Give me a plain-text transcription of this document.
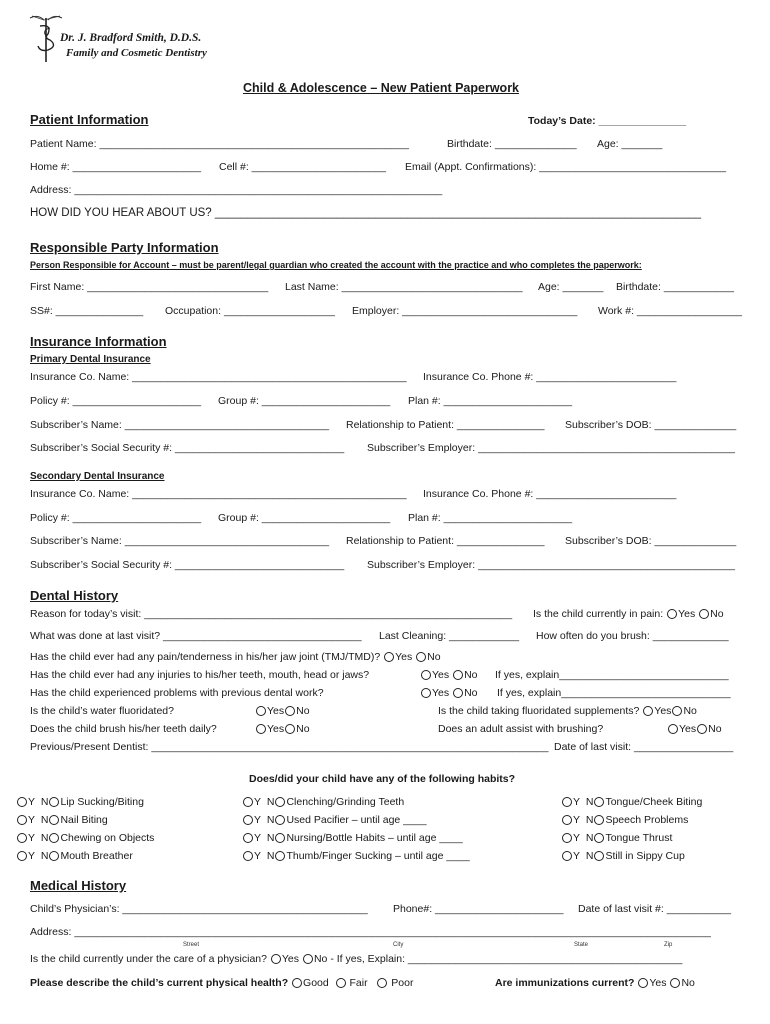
Dr. J. Bradford Smith, D.D.S.
Family and Cosmetic Dentistry
Child & Adolescence – New Patient Paperwork
Patient Information	Today’s Date: _______________
Patient Name: _____________________________________________________	Birthdate: ______________ Age: _______
Home #: ______________________ Cell #: _______________________ Email (Appt. Confirmations): ________________________________
Address: _______________________________________________________________
HOW DID YOU HEAR ABOUT US? ____________________________________________________________________________
Responsible Party Information
Person Responsible for Account – must be parent/legal guardian who created the account with the practice and who completes the paperwork:
First Name: _______________________________ Last Name: _______________________________ Age: _______ Birthdate: ____________
SS#: _______________ Occupation: ___________________ Employer: ______________________________ Work #: __________________
Insurance Information
Primary Dental Insurance
Insurance Co. Name: _______________________________________________ Insurance Co. Phone #: ________________________
Policy #: ______________________ Group #: ______________________ Plan #: ______________________
Subscriber’s Name: ___________________________________ Relationship to Patient: _______________ Subscriber’s DOB: ______________
Subscriber’s Social Security #: _____________________________ Subscriber’s Employer: ____________________________________________
Secondary Dental Insurance
Insurance Co. Name: _______________________________________________ Insurance Co. Phone #: ________________________
Policy #: ______________________ Group #: ______________________ Plan #: ______________________
Subscriber’s Name: ___________________________________ Relationship to Patient: _______________ Subscriber’s DOB: ______________
Subscriber’s Social Security #: _____________________________ Subscriber’s Employer: ____________________________________________
Dental History
Reason for today’s visit: _______________________________________________________________ Is the child currently in pain: Yes No
What was done at last visit? __________________________________ Last Cleaning: ____________ How often do you brush: _____________
Has the child ever had any pain/tenderness in his/her jaw joint (TMJ/TMD)? Yes No
Has the child ever had any injuries to his/her teeth, mouth, head or jaws?	Yes No If yes, explain_____________________________
Has the child experienced problems with previous dental work?	Yes No If yes, explain_____________________________
Is the child’s water fluoridated?	Yes No	Is the child taking fluoridated supplements? Yes No
Does the child brush his/her teeth daily?	Yes No	Does an adult assist with brushing?	Yes No
Previous/Present Dentist: ____________________________________________________________________ Date of last visit: _________________
Does/did your child have any of the following habits?
Y N Lip Sucking/Biting
Y N Nail Biting
Y N Chewing on Objects
Y N Mouth Breather
Y N Clenching/Grinding Teeth
Y N Used Pacifier – until age ____
Y N Nursing/Bottle Habits – until age ____
Y N Thumb/Finger Sucking – until age ____
Y N Tongue/Cheek Biting
Y N Speech Problems
Y N Tongue Thrust
Y N Still in Sippy Cup
Medical History
Child’s Physician’s: __________________________________________ Phone#: ______________________ Date of last visit #: ___________
Address: _____________________________________________________________________________________________________________
Street	City	State	Zip
Is the child currently under the care of a physician? Yes No - If yes, Explain: _______________________________________________
Please describe the child’s current physical health? Good Fair Poor	Are immunizations current? Yes No
